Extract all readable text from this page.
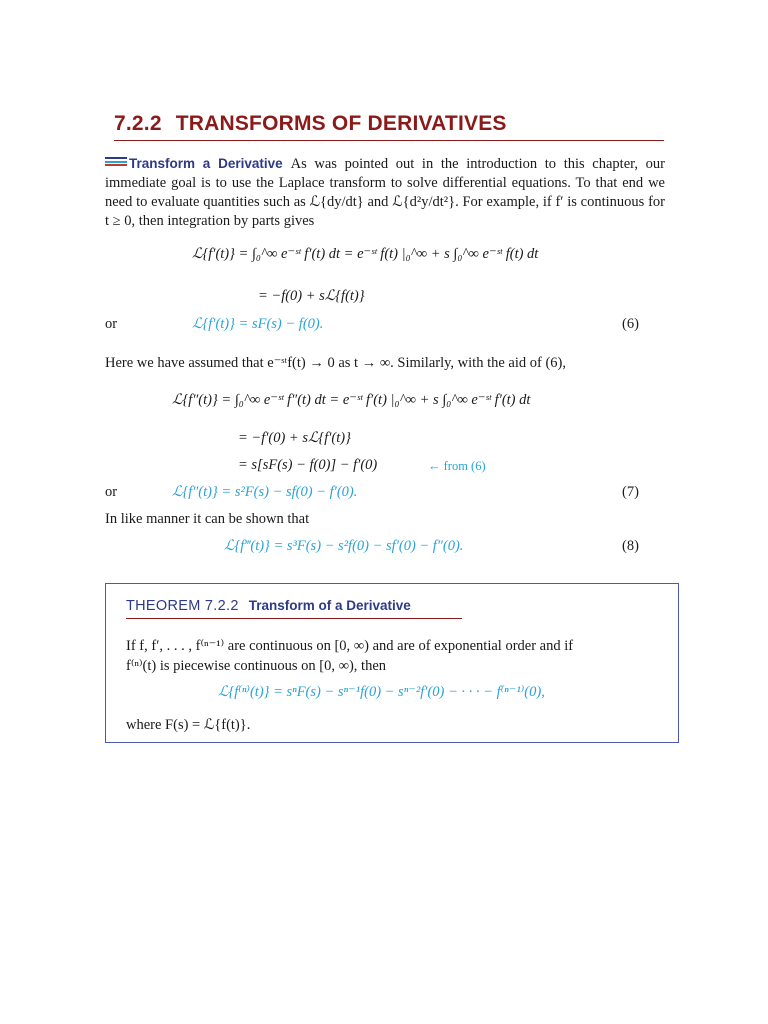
7.2.2 TRANSFORMS OF DERIVATIVES
Transform a Derivative As was pointed out in the introduction to this chapter, our immediate goal is to use the Laplace transform to solve differential equations. To that end we need to evaluate quantities such as ℒ{dy/dt} and ℒ{d²y/dt²}. For example, if f′ is continuous for t ≥ 0, then integration by parts gives
ℒ{f′(t)} = ∫₀^∞ e⁻ˢᵗ f′(t) dt = e⁻ˢᵗ f(t) |₀^∞ + s ∫₀^∞ e⁻ˢᵗ f(t) dt
= −f(0) + sℒ{f(t)}
or	ℒ{f′(t)} = sF(s) − f(0).	(6)
Here we have assumed that e⁻ˢᵗf(t) → 0 as t → ∞. Similarly, with the aid of (6),
ℒ{f″(t)} = ∫₀^∞ e⁻ˢᵗ f″(t) dt = e⁻ˢᵗ f′(t) |₀^∞ + s ∫₀^∞ e⁻ˢᵗ f′(t) dt
= −f′(0) + sℒ{f′(t)}
= s[sF(s) − f(0)] − f′(0)	← from (6)
or	ℒ{f″(t)} = s²F(s) − sf(0) − f′(0).	(7)
In like manner it can be shown that
ℒ{f‴(t)} = s³F(s) − s²f(0) − sf′(0) − f″(0).	(8)
THEOREM 7.2.2 Transform of a Derivative
If f, f′, . . . , f⁽ⁿ⁻¹⁾ are continuous on [0, ∞) and are of exponential order and if
f⁽ⁿ⁾(t) is piecewise continuous on [0, ∞), then
ℒ{f⁽ⁿ⁾(t)} = sⁿF(s) − sⁿ⁻¹f(0) − sⁿ⁻²f′(0) − · · · − f⁽ⁿ⁻¹⁾(0),
where F(s) = ℒ{f(t)}.
